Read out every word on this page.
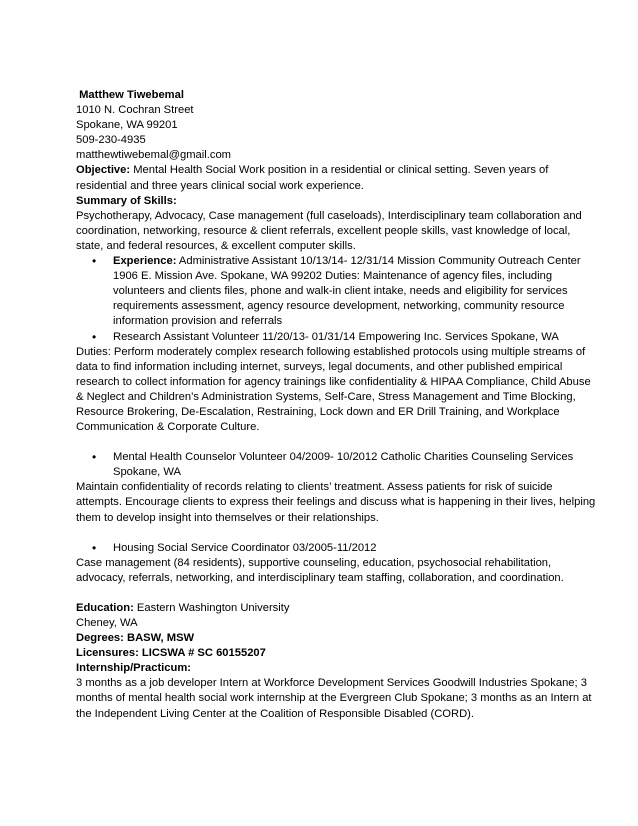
Matthew Tiwebemal
1010 N. Cochran Street
Spokane, WA 99201
509-230-4935
matthewtiwebemal@gmail.com
Objective: Mental Health Social Work position in a residential or clinical setting. Seven years of
residential and three years clinical social work experience.
Summary of Skills:
Psychotherapy, Advocacy, Case management (full caseloads), Interdisciplinary team collaboration and
coordination, networking, resource & client referrals, excellent people skills, vast knowledge of local,
state, and federal resources, & excellent computer skills.
• Experience: Administrative Assistant 10/13/14- 12/31/14 Mission Community Outreach Center
1906 E. Mission Ave. Spokane, WA 99202 Duties: Maintenance of agency files, including
volunteers and clients files, phone and walk-in client intake, needs and eligibility for services
requirements assessment, agency resource development, networking, community resource
information provision and referrals
• Research Assistant Volunteer 11/20/13- 01/31/14 Empowering Inc. Services Spokane, WA
Duties: Perform moderately complex research following established protocols using multiple streams of
data to find information including internet, surveys, legal documents, and other published empirical
research to collect information for agency trainings like confidentiality & HIPAA Compliance, Child Abuse
& Neglect and Children’s Administration Systems, Self-Care, Stress Management and Time Blocking,
Resource Brokering, De-Escalation, Restraining, Lock down and ER Drill Training, and Workplace
Communication & Corporate Culture.
• Mental Health Counselor Volunteer 04/2009- 10/2012 Catholic Charities Counseling Services
Spokane, WA
Maintain confidentiality of records relating to clients’ treatment. Assess patients for risk of suicide
attempts. Encourage clients to express their feelings and discuss what is happening in their lives, helping
them to develop insight into themselves or their relationships.
• Housing Social Service Coordinator 03/2005-11/2012
Case management (84 residents), supportive counseling, education, psychosocial rehabilitation,
advocacy, referrals, networking, and interdisciplinary team staffing, collaboration, and coordination.
Education: Eastern Washington University
Cheney, WA
Degrees: BASW, MSW
Licensures: LICSWA # SC 60155207
Internship/Practicum:
3 months as a job developer Intern at Workforce Development Services Goodwill Industries Spokane; 3
months of mental health social work internship at the Evergreen Club Spokane; 3 months as an Intern at
the Independent Living Center at the Coalition of Responsible Disabled (CORD).
